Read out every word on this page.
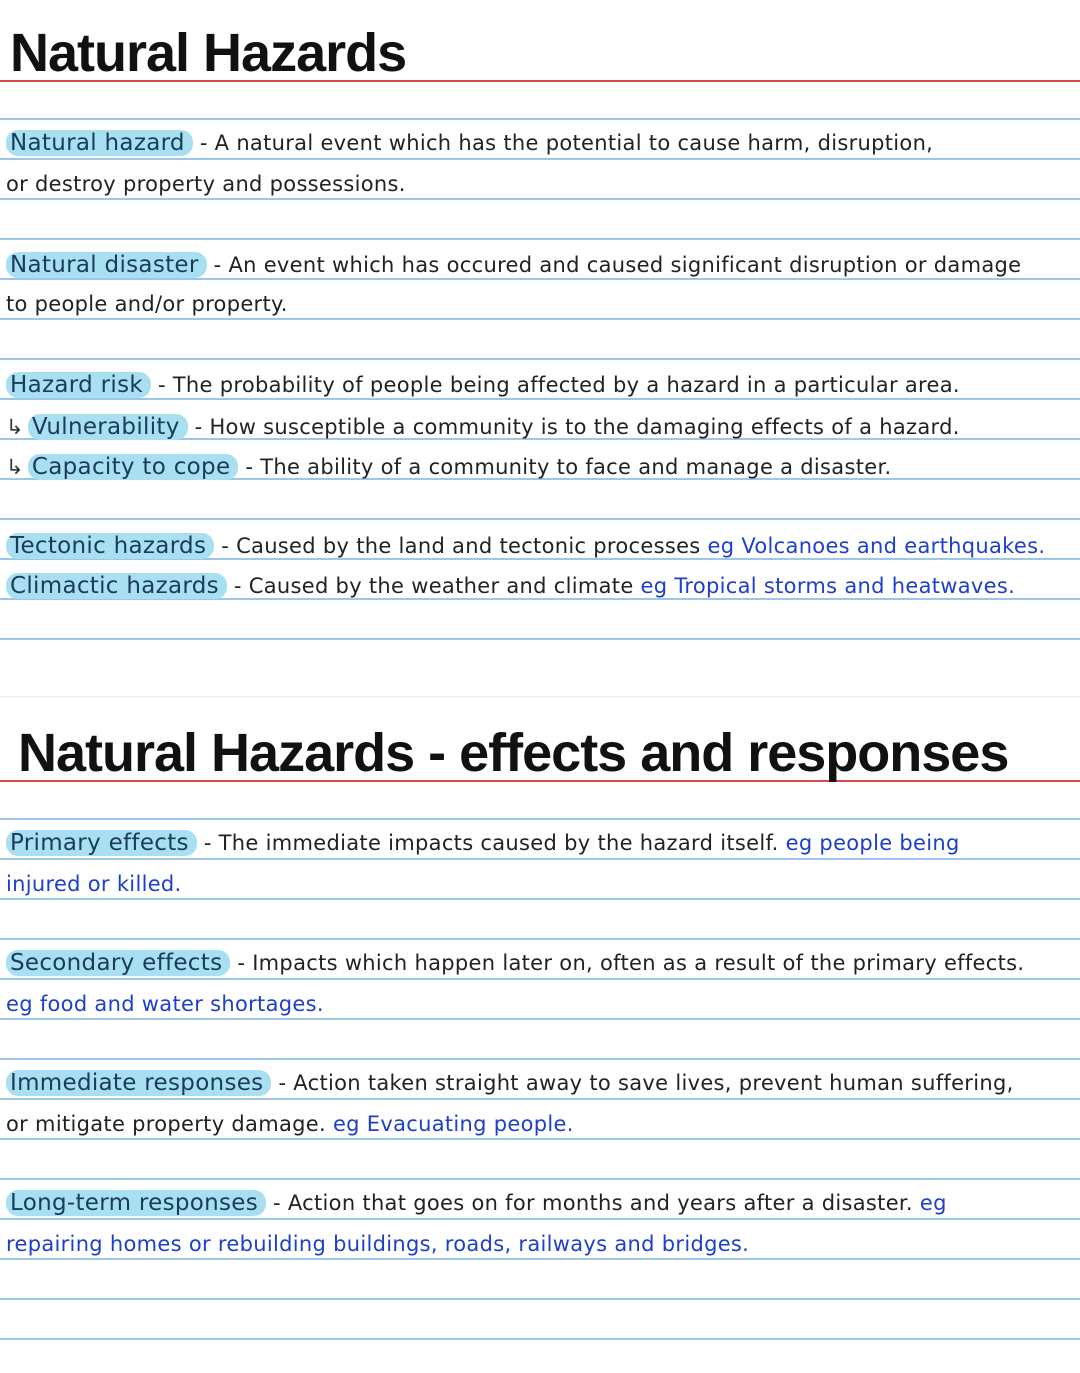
Natural Hazards
Natural hazard - A natural event which has the potential to cause harm, disruption,
or destroy property and possessions.
Natural disaster - An event which has occured and caused significant disruption or damage
to people and/or property.
Hazard risk - The probability of people being affected by a hazard in a particular area.
↳ Vulnerability - How susceptible a community is to the damaging effects of a hazard.
↳ Capacity to cope - The ability of a community to face and manage a disaster.
Tectonic hazards - Caused by the land and tectonic processes eg Volcanoes and earthquakes.
Climactic hazards - Caused by the weather and climate eg Tropical storms and heatwaves.
Natural Hazards - effects and responses
Primary effects - The immediate impacts caused by the hazard itself. eg people being
injured or killed.
Secondary effects - Impacts which happen later on, often as a result of the primary effects.
eg food and water shortages.
Immediate responses - Action taken straight away to save lives, prevent human suffering,
or mitigate property damage. eg Evacuating people.
Long-term responses - Action that goes on for months and years after a disaster. eg
repairing homes or rebuilding buildings, roads, railways and bridges.
